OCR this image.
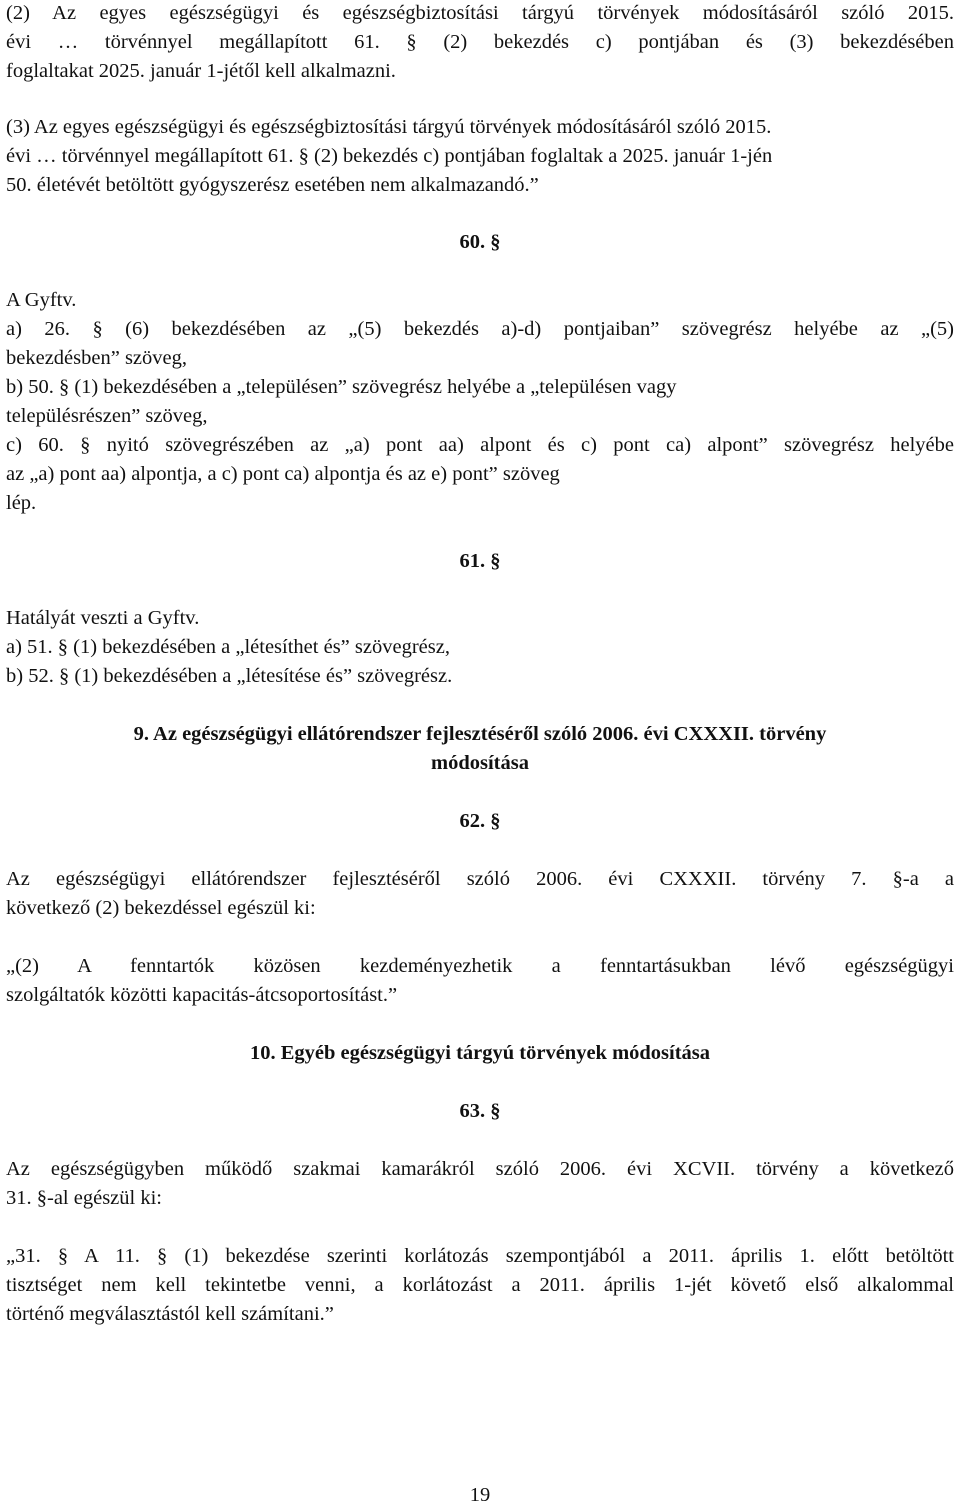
(2) Az egyes egészségügyi és egészségbiztosítási tárgyú törvények módosításáról szóló 2015.
évi … törvénnyel megállapított 61. § (2) bekezdés c) pontjában és (3) bekezdésében
foglaltakat 2025. január 1-jétől kell alkalmazni.
(3) Az egyes egészségügyi és egészségbiztosítási tárgyú törvények módosításáról szóló 2015.
évi … törvénnyel megállapított 61. § (2) bekezdés c) pontjában foglaltak a 2025. január 1-jén
50. életévét betöltött gyógyszerész esetében nem alkalmazandó.”
60. §
A Gyftv.
a) 26. § (6) bekezdésében az „(5) bekezdés a)-d) pontjaiban” szövegrész helyébe az „(5)
bekezdésben” szöveg,
b) 50. § (1) bekezdésében a „településen” szövegrész helyébe a „településen vagy
településrészen” szöveg,
c) 60. § nyitó szövegrészében az „a) pont aa) alpont és c) pont ca) alpont” szövegrész helyébe
az „a) pont aa) alpontja, a c) pont ca) alpontja és az e) pont” szöveg
lép.
61. §
Hatályát veszti a Gyftv.
a) 51. § (1) bekezdésében a „létesíthet és” szövegrész,
b) 52. § (1) bekezdésében a „létesítése és” szövegrész.
9. Az egészségügyi ellátórendszer fejlesztéséről szóló 2006. évi CXXXII. törvény
módosítása
62. §
Az egészségügyi ellátórendszer fejlesztéséről szóló 2006. évi CXXXII. törvény 7. §-a a
következő (2) bekezdéssel egészül ki:
„(2) A fenntartók közösen kezdeményezhetik a fenntartásukban lévő egészségügyi
szolgáltatók közötti kapacitás-átcsoportosítást.”
10. Egyéb egészségügyi tárgyú törvények módosítása
63. §
Az egészségügyben működő szakmai kamarákról szóló 2006. évi XCVII. törvény a következő
31. §-al egészül ki:
„31. § A 11. § (1) bekezdése szerinti korlátozás szempontjából a 2011. április 1. előtt betöltött
tisztséget nem kell tekintetbe venni, a korlátozást a 2011. április 1-jét követő első alkalommal
történő megválasztástól kell számítani.”
19
